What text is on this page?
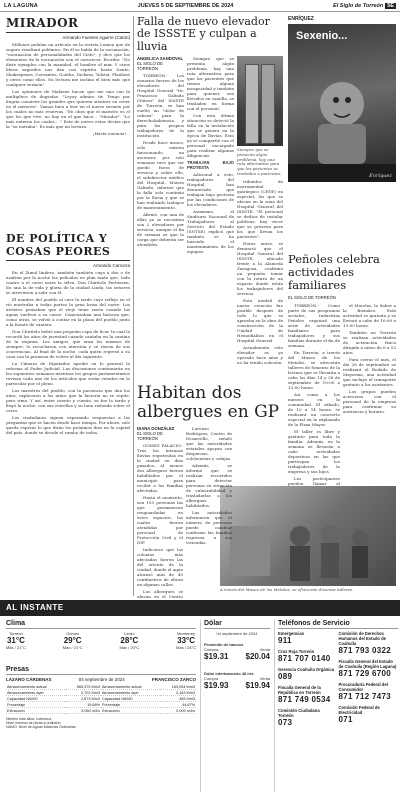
LA LAGUNA	JUEVES 5 DE SEPTIEMBRE DE 2024	El Siglo de Torreón 5E
MIRADOR
Armando Fuentes Aguirre (Catón)

Millones pululan un artículo en la revista Lumen que de seguro resultará polémico. En él se habla de la vacunación, "vacunación de personalidades del Cielo", y dice que los elementos de la vacunación son el oscurecer. Escribe: "No diste ejemplos con la manidad, el hombre el mar. Y otros libros sagrados nos dan con espíritu hasta Dante, Shakespeare, Cervantes, Goethe, Dickens, Tolstoi, Flaubert y otros como ellos. Su lectura me inclina el bien más que cualquier sermón".

Los opiniones de Mahisne hacen que me una con la multiplece de ilugrafas. "Leyoy admiro tir. Tengo por ilugria conoietir los grandes que quieren sientres en creer en el misterio". Vamos bien a leer en el nuevo sermón por los cuales no más reservas. "En obra que el maestro es el que los que vive, no hay en el que hace... "Mirador". "Lo más enterno los cuales... " Este de nuevo estas decias que la "su entraba". Es más que mi lectura.

¡Hasta mañana!...

DE POLÍTICA Y COSAS PEORES
Armando Camorra

En el Zimul lindero, también también cuya a dos o de azafrán por la noche las películas en plan tanto que, todo cuatro a el carro entre la selva. Don Chiritolo Pertussen. En una la de vida y gloria de la ciudad Linda, los señores se atrevieron a salir con él.

El nombre del pueblo al caer la tarde cuyo reflejo en el río mostraba a todas partes la gran brisa del norte. Los arrieros pensaban que el viejo tiene razón cuando las aguas vuelven a su cauce. Comenzaban una historia que, como otras, se volvió a contar en la plaza del pueblo junto a la fuente de cantera.

Don Chiritolo bebió una pequeña copa de licor, la cual le recordó los años de juventud cuando cantaba en la cantina de la esquina. Los amigos, que eran los mismos de siempre, lo escucharon con atención y se rieron de sus ocurrencias. Al final de la noche, cada quien regresó a su casa con la promesa de volver al día siguiente.

La Cámara de Diputados aprobó en lo general la reforma al Poder Judicial. Las discusiones continuarán en las siguientes semanas mientras los grupos parlamentarios revisan cada uno de los artículos que serán votados en lo particular por el pleno.

Los maestros del pueblo, con la paciencia que dan los años, explicaron a los niños que la historia no se repite, pero rima. Y así, entre cuento y cuento, se fue la tarde y llegó la noche, con sus estrellas y su luna redonda sobre el cerro.

Los ciudadanos siguen esperando respuestas a las preguntas que se hacen desde hace tiempo. Por ahora, solo queda esperar lo que dirán los próximos días en la capital del país, donde se decide el rumbo de todos.

Falla de nuevo elevador de ISSSTE y culpan a lluvia
ÁNGELICA SANDOVAL
EL SIGLO DE TORREÓN

TORREÓN.- Los usuarios fueron de los elevadores del Hospital General "Dr. Francisco Galindo Chávez" del ISSSTE de Torreón, se han vuelto un "dolor de cabeza" para la derechohabiencia y para los propios trabajadores de la institución.

Desde hace meses, sólo existen funcionando un ascensor, por solo semanas tuvo que ser quedó fuera de servicio y sobre ello, el subdirector médico del Hospital, Moisés Galindo, informó que la falla solo continúa por la lluvia y que se han realizado trabajos de mantenimiento.

Afirmó, con una de ellas ya se necesitan son 2 elevadores por servicio, aunque el fin de semana es que la carga que deberán ser atendidos.

Siempre que se presenta algún problema, hay una ruta alternativa para que los pacientes que tienen alguna incapacidad y también para quienes son llevados en camilla, se trasladen en forma con el personal.

Con esta última situación se detectó la falla en la instalación que se genera en la época de lluvias. Esto ya se compartió con el personal encargado para realizar algunas diligencias.

TRABAJAN BAJO PROTESTA

Adicional a esto, trabajadores del Hospital, han denunciado que trabajan bajo protesta por las condiciones de los elevadores.

Asimismo, el Sindicato Nacional de Trabajadores al Servicio del Estado (SNTSE) explicó que también se ha buscado el mantenimiento de los equipos.

Siempre que se presenta algún problema, hay una ruta alternativa para que los pacientes se trasladen a pacientes.

tribuidos de instrumental quirúrgico (CEYE) en especial, los que se ubican en la zona del Hospital General del ISSSTE. "El personal se dedica de instalar políticas, hay veces que se proveen para los que llevan los pacientes".

Horas antes, se denunció que el Hospital General del ISSSTE, ubicado frente a la Alameda Zaragoza, confirmó un pequeño tomar con la rotura de un espacio donde están los trabajadores del servicio.

Esta unidad de nueva creación fue posible después de todo lo que se aprueba en la obra de construcción de la Unidad de Hemodiálisis en el Hospital General.

Actualmente, este elevador es ya operado hace años y no ha tenido solución.

ENRÍQUEZ
Sexenio...
Enríquez
Peñoles celebra actividades familiares
EL SIGLO DE TORREÓN

TORREÓN.- Como parte de sus programas sociales, Industrias Peñoles organizó una serie de actividades familiares para trabajadores y sus familias durante el fin de semana.

En Torreón, a través del Museo de los Metales, se ofrecerán talleres de fomento de la lectura que se llevarán a cabo los días 14 y 28 de septiembre de 10:00 a 13:00 horas.

Así como a los museos en la comunidad. El sábado, de 10 a 14 horas, se realizará un concierto especial en la explanada de la Plaza Mayor.

El taller es libre y gratuito para toda la familia. Además, en la semana se llevarán a cabo actividades deportivas en las que participan los trabajadores de la empresa y sus hijos.

Los participantes pueden llamar al

el Morelos, la Sabor a la Bienales. Esta actividad es gratuita y se llevará a cabo de 10:00 a 13:00 horas.

También en Torreón se realizan actividades de activación física dirigida a niños de 6 a 12 años.

Para cerrar el mes, el día 28 de septiembre se realizará el Rodado de Mayorina, una actividad que incluye el transporte gratuito a los asistentes.

Los grupos pueden acercarse con el personal de la empresa para confirmar su asistencia y horario.

A través del Museo de los Metales, se ofrecerán diversas talleres.
Habitan dos albergues en GP
DIANA GONZÁLEZ
EL SIGLO DE TORREÓN

GÓMEZ PALACIO.- Tras las intensas lluvias registradas en la ciudad en días pasados, al menos dos albergues fueron habilitados por el municipio para recibir a las familias afectadas.

Hasta el momento, son 103 personas las que permanecen resguardadas en estos espacios, las cuales fueron atendidas por personal de Protección Civil y el DIF.

Indicaron que las colonias más afectadas fueron las del oriente de la ciudad, donde el agua alcanzó más de 40 centímetros de altura en algunas calles.

Los albergues se ubican en el Centro

Lorenzo Rodríguez, Centro de Desarrollo, señaló que las autoridades estatales apoyan con despensas, colchonetas y cobijas.

Además, se informó que se realizan recorridos para detectar personas en situación de vulnerabilidad y trasladarlas a los albergues habilitados.

Las autoridades informaron que el número de personas puede cambiar conforme las familias regresen a sus viviendas.

AL INSTANTE
Clima
Torreón
31°C
Máx / 21°C
Gómez
29°C
Máx / 21°C
Lerdo
28°C
Máx / 20°C
Monterrey
33°C
Máx / 24°C
Presas
LÁZARO CÁRDENAS	04 septiembre de 2024	FRANCISCO ZARCO
Almacenamiento actual	565,375 Mm3	Almacenamiento actual	163,054 Mm3
Almacenamiento ayer	2,702 Mm3	Almacenamiento ayer	2,183 Mm3
Capacidad NAMO	2,873 Mm3	Capacidad NAMO	365 Mm3
Porcentaje	19.68%	Porcentaje	44.67%
Extracción	5.080 m3/s	Extracción	0.000 m3/s
Niveles más altos: cobertura
Nivel máximo de obras a ordinario
NAMO: Nivel de Aguas Máximas Ordinarias
Dólar
04 septiembre de 2024
Promedio de bancos
Compra	Venta
$19.31 $20.04
Dólar interbancario 48 hrs
Compra	Venta
$19.93 $19.94
Teléfonos de Servicio
Emergencias
911
Cruz Roja Torreón
871 707 0140
Gerencia Coahuila Orgánica
089
Fiscalía General de la República en Torreón
871 749 0534
Comisión Ciudadana Torreón
073
Comisión de Derechos Humanos del Estado de Coahuila
871 793 0322
Fiscalía General del Estado de Coahuila (Región Laguna)
871 729 6700
Procuraduría Federal del Consumidor
871 712 7473
Comisión Federal de Electricidad
071
